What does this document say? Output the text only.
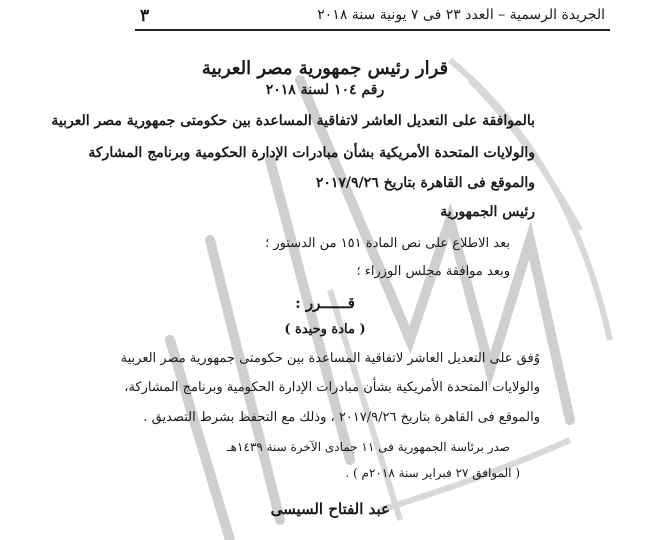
٣	الجريدة الرسمية – العدد ٢٣ فى ٧ يونية سنة ٢٠١٨
قرار رئيس جمهورية مصر العربية
رقم ١٠٤ لسنة ٢٠١٨
بالموافقة على التعديل العاشر لاتفاقية المساعدة بين حكومتى جمهورية مصر العربية
والولايات المتحدة الأمريكية بشأن مبادرات الإدارة الحكومية وبرنامج المشاركة
والموقع فى القاهرة بتاريخ ٢٠١٧/٩/٢٦
رئيس الجمهورية
بعد الاطلاع على نص المادة ١٥١ من الدستور ؛
وبعد موافقة مجلس الوزراء ؛
قــــــرر :
( مادة وحيدة )
وُفق على التعديل العاشر لاتفاقية المساعدة بين حكومتى جمهورية مصر العربية
والولايات المتحدة الأمريكية بشأن مبادرات الإدارة الحكومية وبرنامج المشاركة،
والموقع فى القاهرة بتاريخ ٢٠١٧/٩/٢٦ ، وذلك مع التحفظ بشرط التصديق .
صدر برئاسة الجمهورية فى ١١ جمادى الآخرة سنة ١٤٣٩هـ
( الموافق ٢٧ فبراير سنة ٢٠١٨م ) .
عبد الفتاح السيسى
